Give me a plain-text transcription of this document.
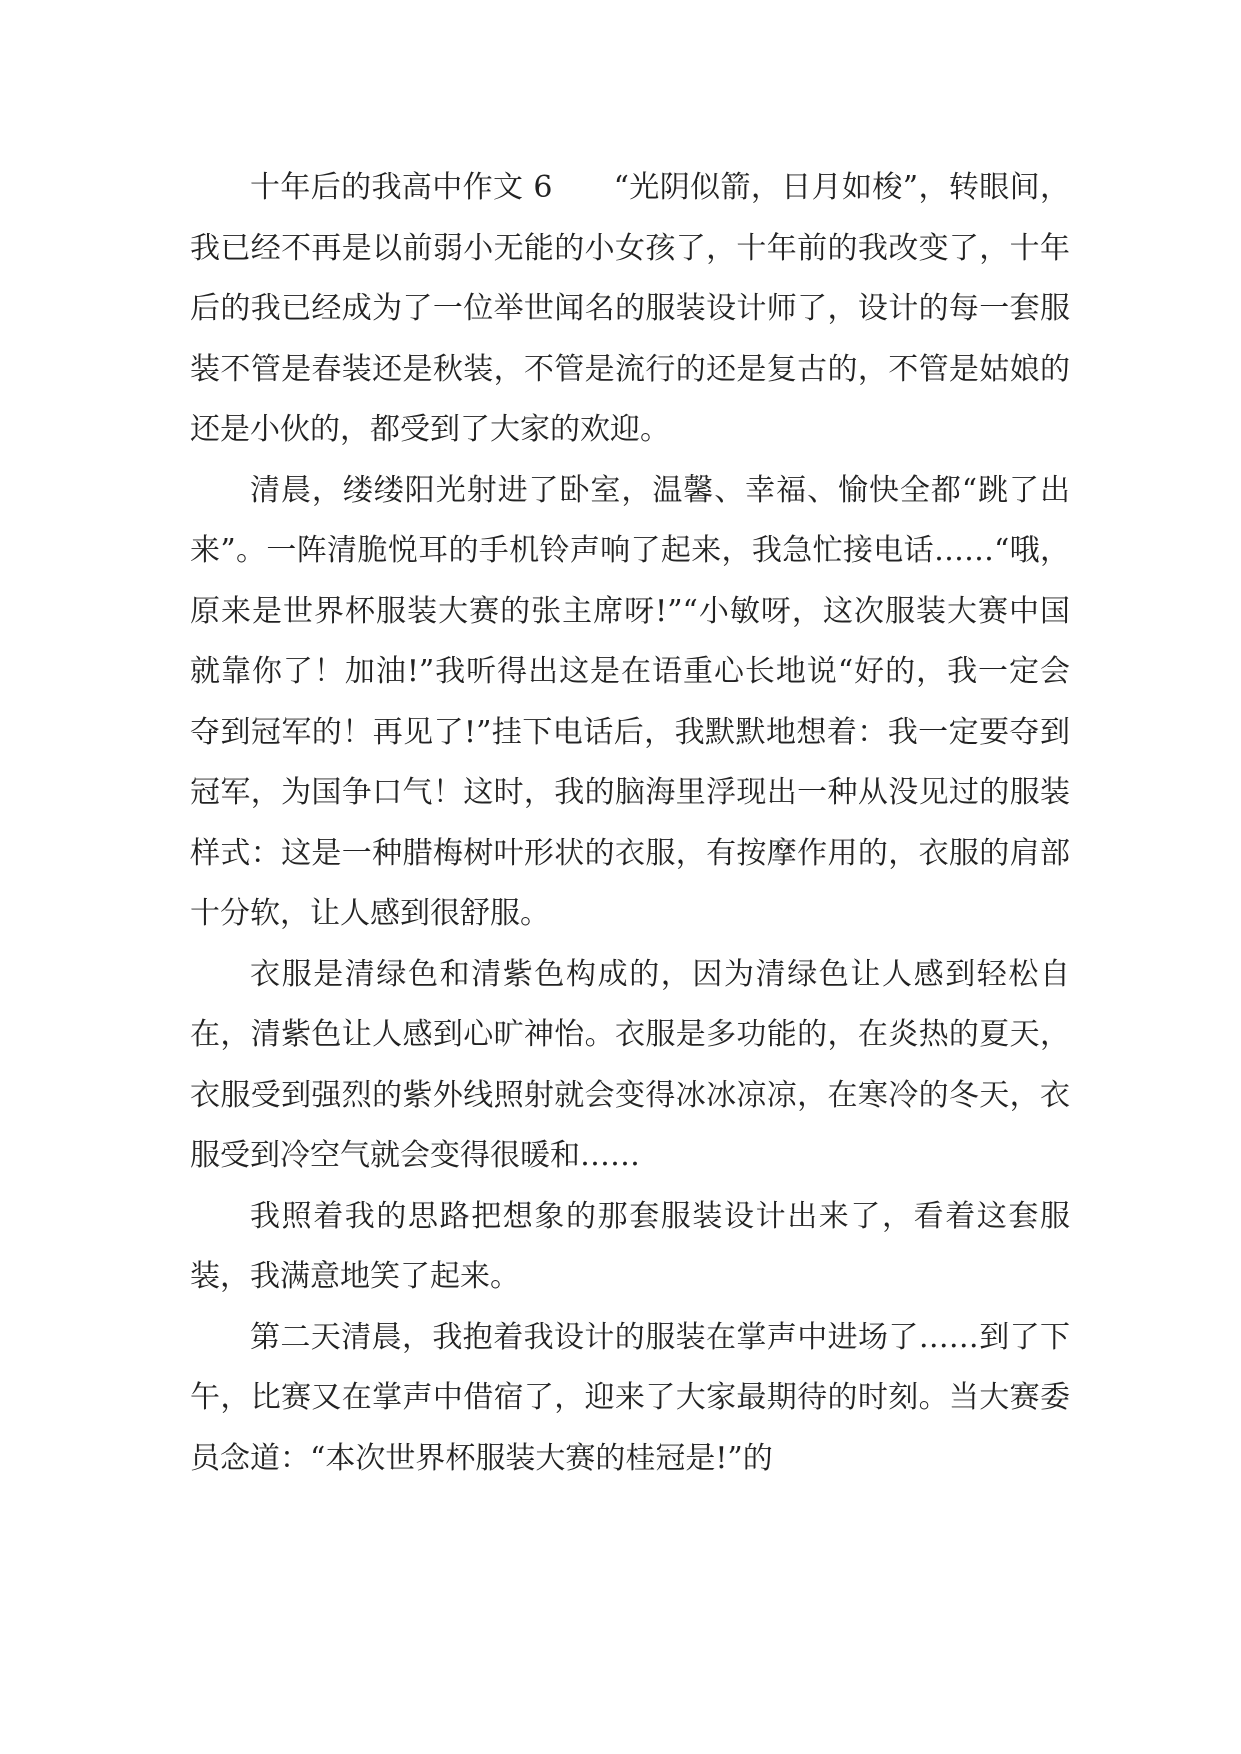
十年后的我高中作文 6　　“光阴似箭，日月如梭”，转眼间，我已经不再是以前弱小无能的小女孩了，十年前的我改变了，十年后的我已经成为了一位举世闻名的服装设计师了，设计的每一套服装不管是春装还是秋装，不管是流行的还是复古的，不管是姑娘的还是小伙的，都受到了大家的欢迎。

清晨，缕缕阳光射进了卧室，温馨、幸福、愉快全都“跳了出来”。一阵清脆悦耳的手机铃声响了起来，我急忙接电话……“哦，原来是世界杯服装大赛的张主席呀!”“小敏呀，这次服装大赛中国就靠你了！加油!”我听得出这是在语重心长地说“好的，我一定会夺到冠军的！再见了!”挂下电话后，我默默地想着：我一定要夺到冠军，为国争口气！这时，我的脑海里浮现出一种从没见过的服装样式：这是一种腊梅树叶形状的衣服，有按摩作用的，衣服的肩部十分软，让人感到很舒服。

衣服是清绿色和清紫色构成的，因为清绿色让人感到轻松自在，清紫色让人感到心旷神怡。衣服是多功能的，在炎热的夏天，衣服受到强烈的紫外线照射就会变得冰冰凉凉，在寒冷的冬天，衣服受到冷空气就会变得很暖和……

我照着我的思路把想象的那套服装设计出来了，看着这套服装，我满意地笑了起来。

第二天清晨，我抱着我设计的服装在掌声中进场了……到了下午，比赛又在掌声中借宿了，迎来了大家最期待的时刻。当大赛委员念道：“本次世界杯服装大赛的桂冠是!”的
